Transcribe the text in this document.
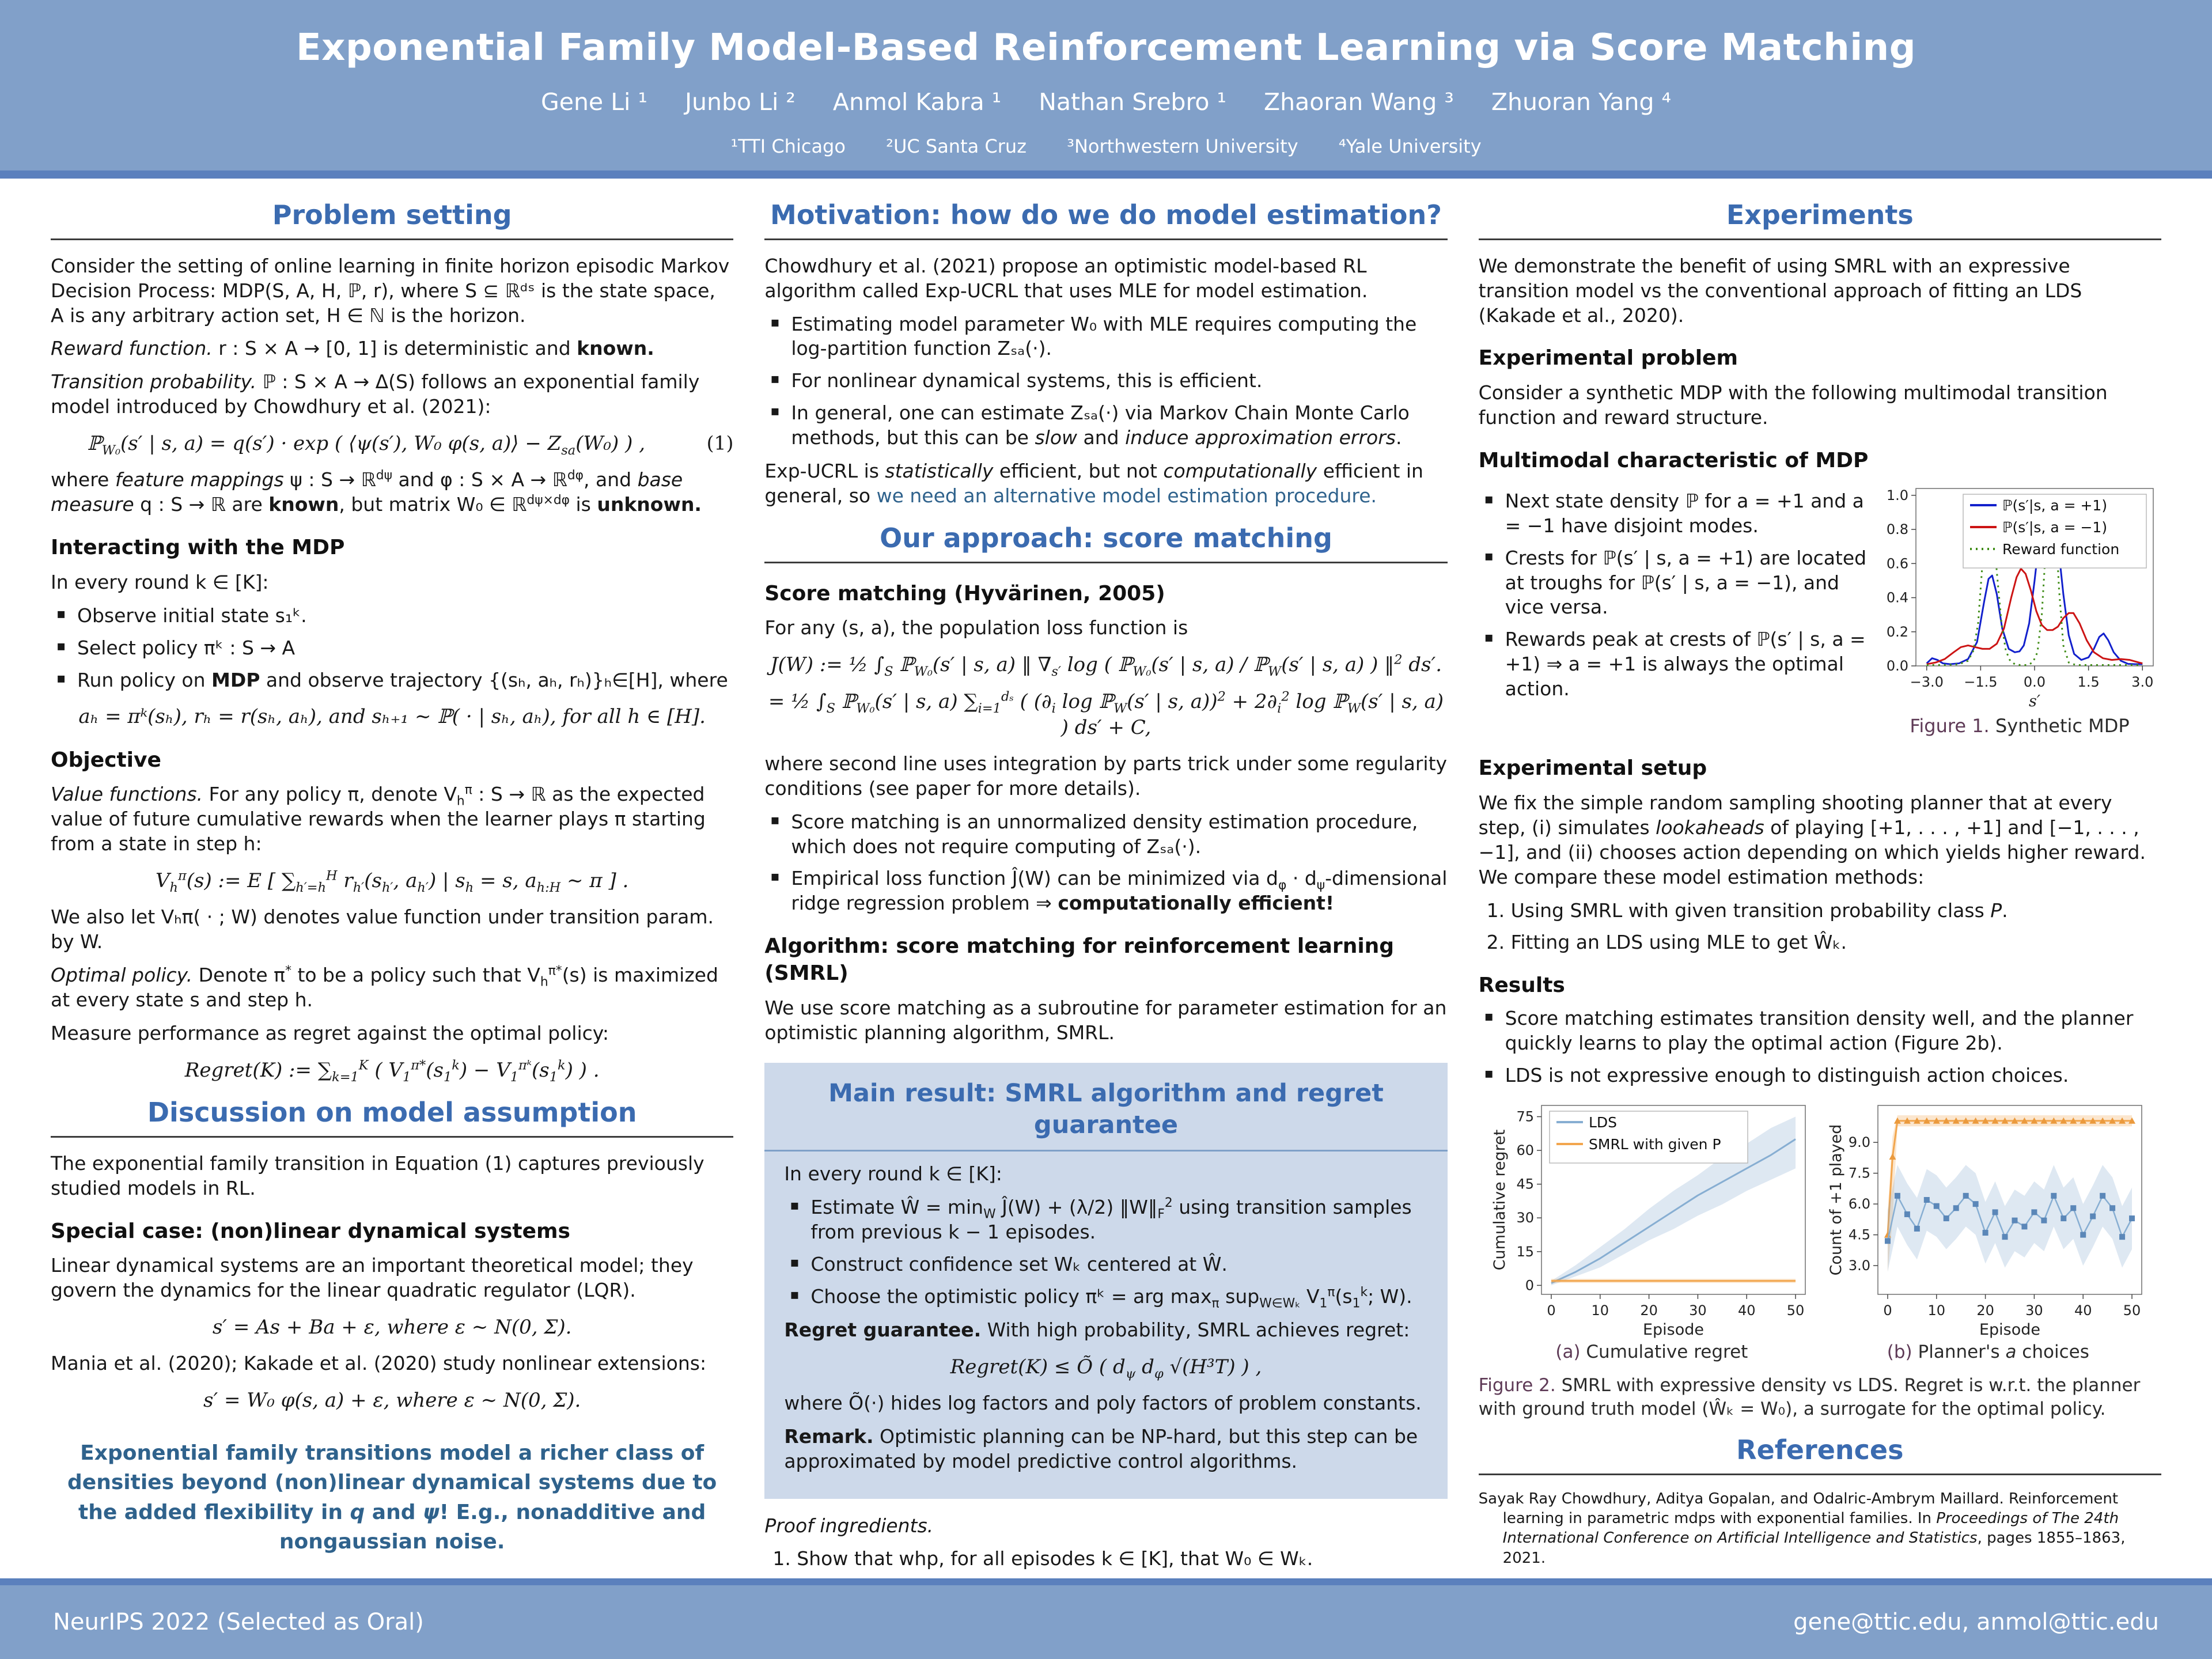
Exponential Family Model-Based Reinforcement Learning via Score Matching
Gene Li ¹ Junbo Li ² Anmol Kabra ¹ Nathan Srebro ¹ Zhaoran Wang ³ Zhuoran Yang ⁴
¹TTI Chicago ²UC Santa Cruz ³Northwestern University ⁴Yale University
Problem setting

Consider the setting of online learning in finite horizon episodic Markov Decision Process: MDP(S, A, H, ℙ, r), where S ⊆ ℝᵈˢ is the state space, A is any arbitrary action set, H ∈ ℕ is the horizon.

Reward function. r : S × A → [0, 1] is deterministic and known.

Transition probability. ℙ : S × A → Δ(S) follows an exponential family model introduced by Chowdhury et al. (2021):

ℙ$_{W_0}$(s′ | s, a) = q(s′) · exp ( ⟨ψ(s′), W₀ φ(s, a)⟩ − $Z_{sa}(W_0)$ ) ,	(1)

where feature mappings ψ : S → ℝ$^{d\psi}$ and φ : S × A → ℝ$^{d\varphi}$, and base measure q : S → ℝ are known, but matrix W₀ ∈ ℝ$^{d\psi\times d\varphi}$ is unknown.

Interacting with the MDP

In every round k ∈ [K]:

▪ Observe initial state s₁ᵏ.
▪ Select policy πᵏ : S → A
▪ Run policy on MDP and observe trajectory {(sₕ, aₕ, rₕ)}ₕ∈[H], where
aₕ = πᵏ(sₕ), rₕ = r(sₕ, aₕ), and sₕ₊₁ ∼ ℙ( · | sₕ, aₕ), for all h ∈ [H].
Objective

Value functions. For any policy π, denote $V_h^\pi$ : S → ℝ as the expected value of future cumulative rewards when the learner plays π starting from a state in step h:

$V_h^\pi(s)$ := E [ $\sum_{h'=h}^H$ $r_{h'}(s_{h'}$, $a_{h'}$) | $s_h = s$, $a_{h:H}$ ∼ π ] .

We also let Vₕπ( · ; W) denotes value function under transition param. by W.

Optimal policy. Denote π* to be a policy such that $V_h^{\pi*}(s)$ is maximized at every state s and step h.

Measure performance as regret against the optimal policy:

Regret(K) := $\sum_{k=1}^K$ ( $V_1^{\pi*}(s_1^k) - V_1^{\pi ᵏ}(s_1^k)$ ) .
Discussion on model assumption

The exponential family transition in Equation (1) captures previously studied models in RL.

Special case: (non)linear dynamical systems

Linear dynamical systems are an important theoretical model; they govern the dynamics for the linear quadratic regulator (LQR).

s′ = As + Ba + ε, where ε ∼ N(0, Σ).

Mania et al. (2020); Kakade et al. (2020) study nonlinear extensions:

s′ = W₀ φ(s, a) + ε, where ε ∼ N(0, Σ).
Exponential family transitions model a richer class of densities beyond (non)linear dynamical systems due to the added flexibility in q and ψ! E.g., nonadditive and nongaussian noise.
Motivation: how do we do model estimation?

Chowdhury et al. (2021) propose an optimistic model-based RL algorithm called Exp-UCRL that uses MLE for model estimation.

▪ Estimating model parameter W₀ with MLE requires computing the log-partition function Zₛₐ(·).
▪ For nonlinear dynamical systems, this is efficient.
▪ In general, one can estimate Zₛₐ(·) via Markov Chain Monte Carlo methods, but this can be slow and induce approximation errors.

Exp-UCRL is statistically efficient, but not computationally efficient in general, so we need an alternative model estimation procedure.

Our approach: score matching
Score matching (Hyvärinen, 2005)

For any (s, a), the population loss function is

J(W) := ½ $\int_S$ ℙ$_{W_0}$(s′ | s, a) ‖ $\nabla_{s'}$ log ( ℙ$_{W_0}$(s′ | s, a) / ℙ$_W$(s′ | s, a) ) ‖$^2$ ds′.
= ½ $\int_S$ ℙ$_{W_0}$(s′ | s, a) $\sum_{i=1}^{d_s}$ ( ($\partial_i$ log ℙ$_W$(s′ | s, $a))^2 + 2\partial_i^2$ log ℙ$_W$(s′ | s, a) ) ds′ + C,

where second line uses integration by parts trick under some regularity conditions (see paper for more details).

▪ Score matching is an unnormalized density estimation procedure, which does not require computing of Zₛₐ(·).
▪ Empirical loss function Ĵ(W) can be minimized via $d_\varphi$ · $d_\psi$-dimensional ridge regression problem ⇒ computationally efficient!
Algorithm: score matching for reinforcement learning (SMRL)

We use score matching as a subroutine for parameter estimation for an optimistic planning algorithm, SMRL.

Main result: SMRL algorithm and regret guarantee

In every round k ∈ [K]:

▪ Estimate Ŵ = $\min_W$ Ĵ(W) + (λ/2) $‖W‖_F^2$ using transition samples from previous k − 1 episodes.
▪ Construct confidence set Wₖ centered at Ŵ.
▪ Choose the optimistic policy πᵏ = arg $\max_\pi sup_{W\in W_k}$ $V_1^\pi(s_1^k$; W).

Regret guarantee. With high probability, SMRL achieves regret:

Regret(K) ≤ Õ ( $d_\psi$ $d_\varphi$ √(H³T) ) ,

where Õ(·) hides log factors and poly factors of problem constants.

Remark. Optimistic planning can be NP-hard, but this step can be approximated by model predictive control algorithms.

Proof ingredients.

1. Show that whp, for all episodes k ∈ [K], that W₀ ∈ Wₖ.
Experiments

We demonstrate the benefit of using SMRL with an expressive transition model vs the conventional approach of fitting an LDS (Kakade et al., 2020).

Experimental problem

Consider a synthetic MDP with the following multimodal transition function and reward structure.

Multimodal characteristic of MDP
▪ Next state density ℙ for a = +1 and a = −1 have disjoint modes.
▪ Crests for ℙ(s′ | s, a = +1) are located at troughs for ℙ(s′ | s, a = −1), and vice versa.
▪ Rewards peak at crests of ℙ(s′ | s, a = +1) ⇒ a = +1 is always the optimal action.	−3.0 −1.5 0.0 1.5 3.0
0.0
0.2
0.4
0.6
0.8
1.0
s′
ℙ(s′|s, a = +1)
ℙ(s′|s, a = −1)
Reward function
Figure 1. Synthetic MDP
Experimental setup

We fix the simple random sampling shooting planner that at every step, (i) simulates lookaheads of playing [+1, . . . , +1] and [−1, . . . , −1], and (ii) chooses action depending on which yields higher reward. We compare these model estimation methods:

1. Using SMRL with given transition probability class P.
2. Fitting an LDS using MLE to get Ŵₖ.
Results
▪ Score matching estimates transition density well, and the planner quickly learns to play the optimal action (Figure 2b).
▪ LDS is not expressive enough to distinguish action choices.
0	10 20 30 40 50
0
15
30
45
60
75
Episode
Cumulative regret
LDS
SMRL with given P
(a) Cumulative regret
0	10 20 30 40 50
3.0
4.5
6.0
7.5
9.0
Episode
Count of +1 played
(b) Planner's a choices
Figure 2. SMRL with expressive density vs LDS. Regret is w.r.t. the planner with ground truth model (Ŵₖ = W₀), a surrogate for the optimal policy.
References
Sayak Ray Chowdhury, Aditya Gopalan, and Odalric-Ambrym Maillard. Reinforcement learning in parametric mdps with exponential families. In Proceedings of The 24th International Conference on Artificial Intelligence and Statistics, pages 1855–1863, 2021.
NeurIPS 2022 (Selected as Oral)	gene@ttic.edu, anmol@ttic.edu
